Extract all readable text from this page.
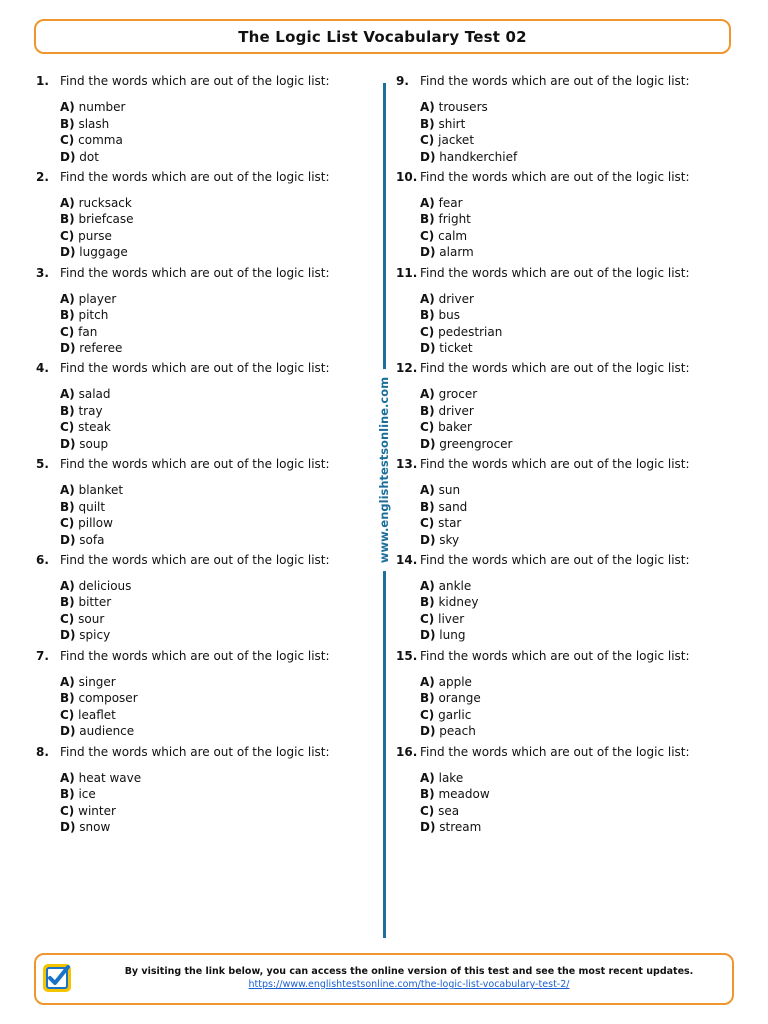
The Logic List Vocabulary Test 02
1. Find the words which are out of the logic list:
A) number
B) slash
C) comma
D) dot
2. Find the words which are out of the logic list:
A) rucksack
B) briefcase
C) purse
D) luggage
3. Find the words which are out of the logic list:
A) player
B) pitch
C) fan
D) referee
4. Find the words which are out of the logic list:
A) salad
B) tray
C) steak
D) soup
5. Find the words which are out of the logic list:
A) blanket
B) quilt
C) pillow
D) sofa
6. Find the words which are out of the logic list:
A) delicious
B) bitter
C) sour
D) spicy
7. Find the words which are out of the logic list:
A) singer
B) composer
C) leaflet
D) audience
8. Find the words which are out of the logic list:
A) heat wave
B) ice
C) winter
D) snow
9. Find the words which are out of the logic list:
A) trousers
B) shirt
C) jacket
D) handkerchief
10. Find the words which are out of the logic list:
A) fear
B) fright
C) calm
D) alarm
11. Find the words which are out of the logic list:
A) driver
B) bus
C) pedestrian
D) ticket
12. Find the words which are out of the logic list:
A) grocer
B) driver
C) baker
D) greengrocer
13. Find the words which are out of the logic list:
A) sun
B) sand
C) star
D) sky
14. Find the words which are out of the logic list:
A) ankle
B) kidney
C) liver
D) lung
15. Find the words which are out of the logic list:
A) apple
B) orange
C) garlic
D) peach
16. Find the words which are out of the logic list:
A) lake
B) meadow
C) sea
D) stream
www.englishtestsonline.com
By visiting the link below, you can access the online version of this test and see the most recent updates.
https://www.englishtestsonline.com/the-logic-list-vocabulary-test-2/
